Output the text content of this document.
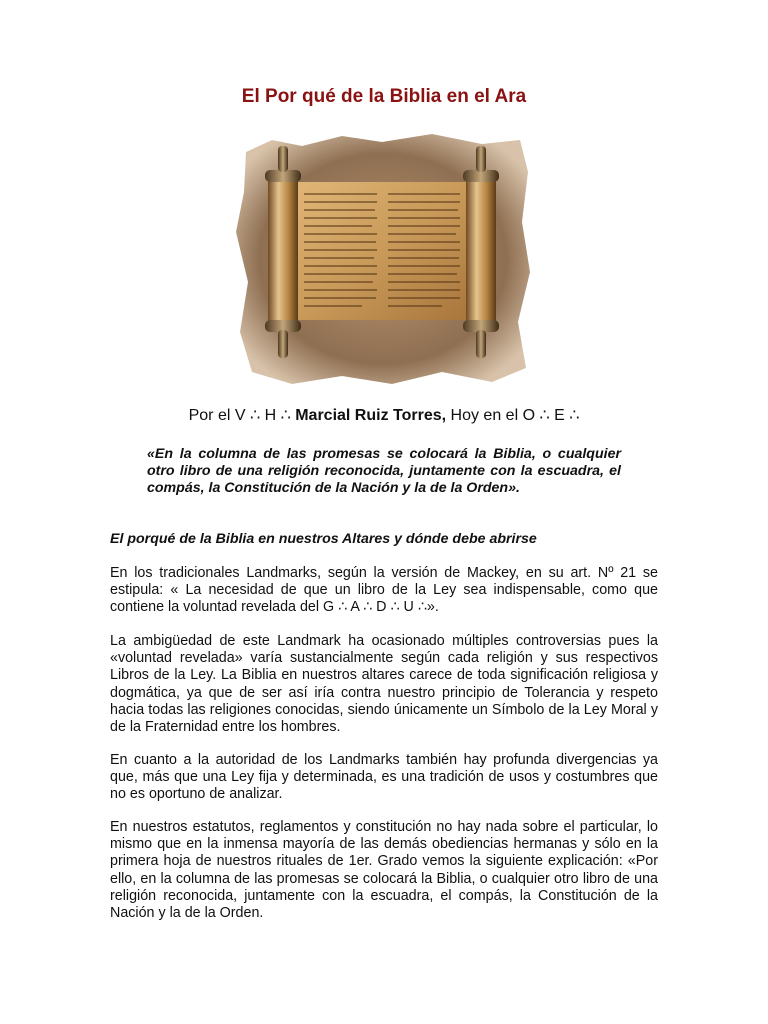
El Por qué de la Biblia en el Ara
Por el V ∴ H ∴ Marcial Ruiz Torres, Hoy en el O ∴ E ∴
«En la columna de las promesas se colocará la Biblia, o cualquier otro libro de una religión reconocida, juntamente con la escuadra, el compás, la Constitución de la Nación y la de la Orden».
El porqué de la Biblia en nuestros Altares y dónde debe abrirse
En los tradicionales Landmarks, según la versión de Mackey, en su art. Nº 21 se estipula: « La necesidad de que un libro de la Ley sea indispensable, como que contiene la voluntad revelada del G ∴ A ∴ D ∴ U ∴».
La ambigüedad de este Landmark ha ocasionado múltiples controversias pues la «voluntad revelada» varía sustancialmente según cada religión y sus respectivos Libros de la Ley. La Biblia en nuestros altares carece de toda significación religiosa y dogmática, ya que de ser así iría contra nuestro principio de Tolerancia y respeto hacia todas las religiones conocidas, siendo únicamente un Símbolo de la Ley Moral y de la Fraternidad entre los hombres.
En cuanto a la autoridad de los Landmarks también hay profunda divergencias ya que, más que una Ley fija y determinada, es una tradición de usos y costumbres que no es oportuno de analizar.
En nuestros estatutos, reglamentos y constitución no hay nada sobre el particular, lo mismo que en la inmensa mayoría de las demás obediencias hermanas y sólo en la primera hoja de nuestros rituales de 1er. Grado vemos la siguiente explicación: «Por ello, en la columna de las promesas se colocará la Biblia, o cualquier otro libro de una religión reconocida, juntamente con la escuadra, el compás, la Constitución de la Nación y la de la Orden.
